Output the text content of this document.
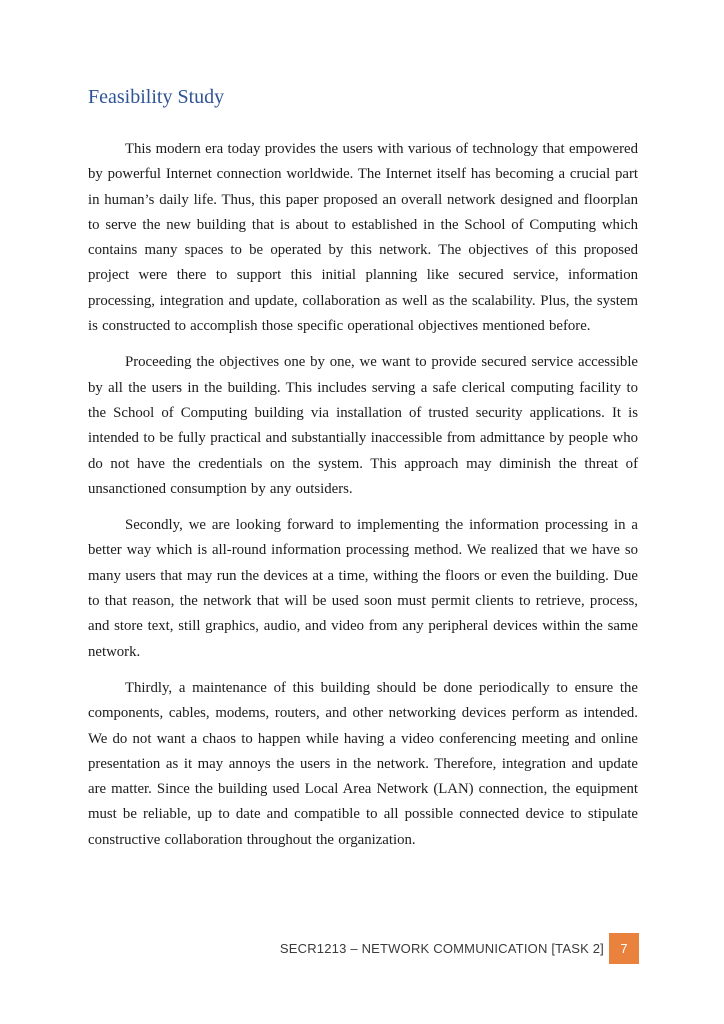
Feasibility Study

This modern era today provides the users with various of technology that empowered by powerful Internet connection worldwide. The Internet itself has becoming a crucial part in human’s daily life. Thus, this paper proposed an overall network designed and floorplan to serve the new building that is about to established in the School of Computing which contains many spaces to be operated by this network. The objectives of this proposed project were there to support this initial planning like secured service, information processing, integration and update, collaboration as well as the scalability. Plus, the system is constructed to accomplish those specific operational objectives mentioned before.

Proceeding the objectives one by one, we want to provide secured service accessible by all the users in the building. This includes serving a safe clerical computing facility to the School of Computing building via installation of trusted security applications. It is intended to be fully practical and substantially inaccessible from admittance by people who do not have the credentials on the system. This approach may diminish the threat of unsanctioned consumption by any outsiders.

Secondly, we are looking forward to implementing the information processing in a better way which is all-round information processing method. We realized that we have so many users that may run the devices at a time, withing the floors or even the building. Due to that reason, the network that will be used soon must permit clients to retrieve, process, and store text, still graphics, audio, and video from any peripheral devices within the same network.

Thirdly, a maintenance of this building should be done periodically to ensure the components, cables, modems, routers, and other networking devices perform as intended. We do not want a chaos to happen while having a video conferencing meeting and online presentation as it may annoys the users in the network. Therefore, integration and update are matter. Since the building used Local Area Network (LAN) connection, the equipment must be reliable, up to date and compatible to all possible connected device to stipulate constructive collaboration throughout the organization.

SECR1213 – NETWORK COMMUNICATION [TASK 2]	7
